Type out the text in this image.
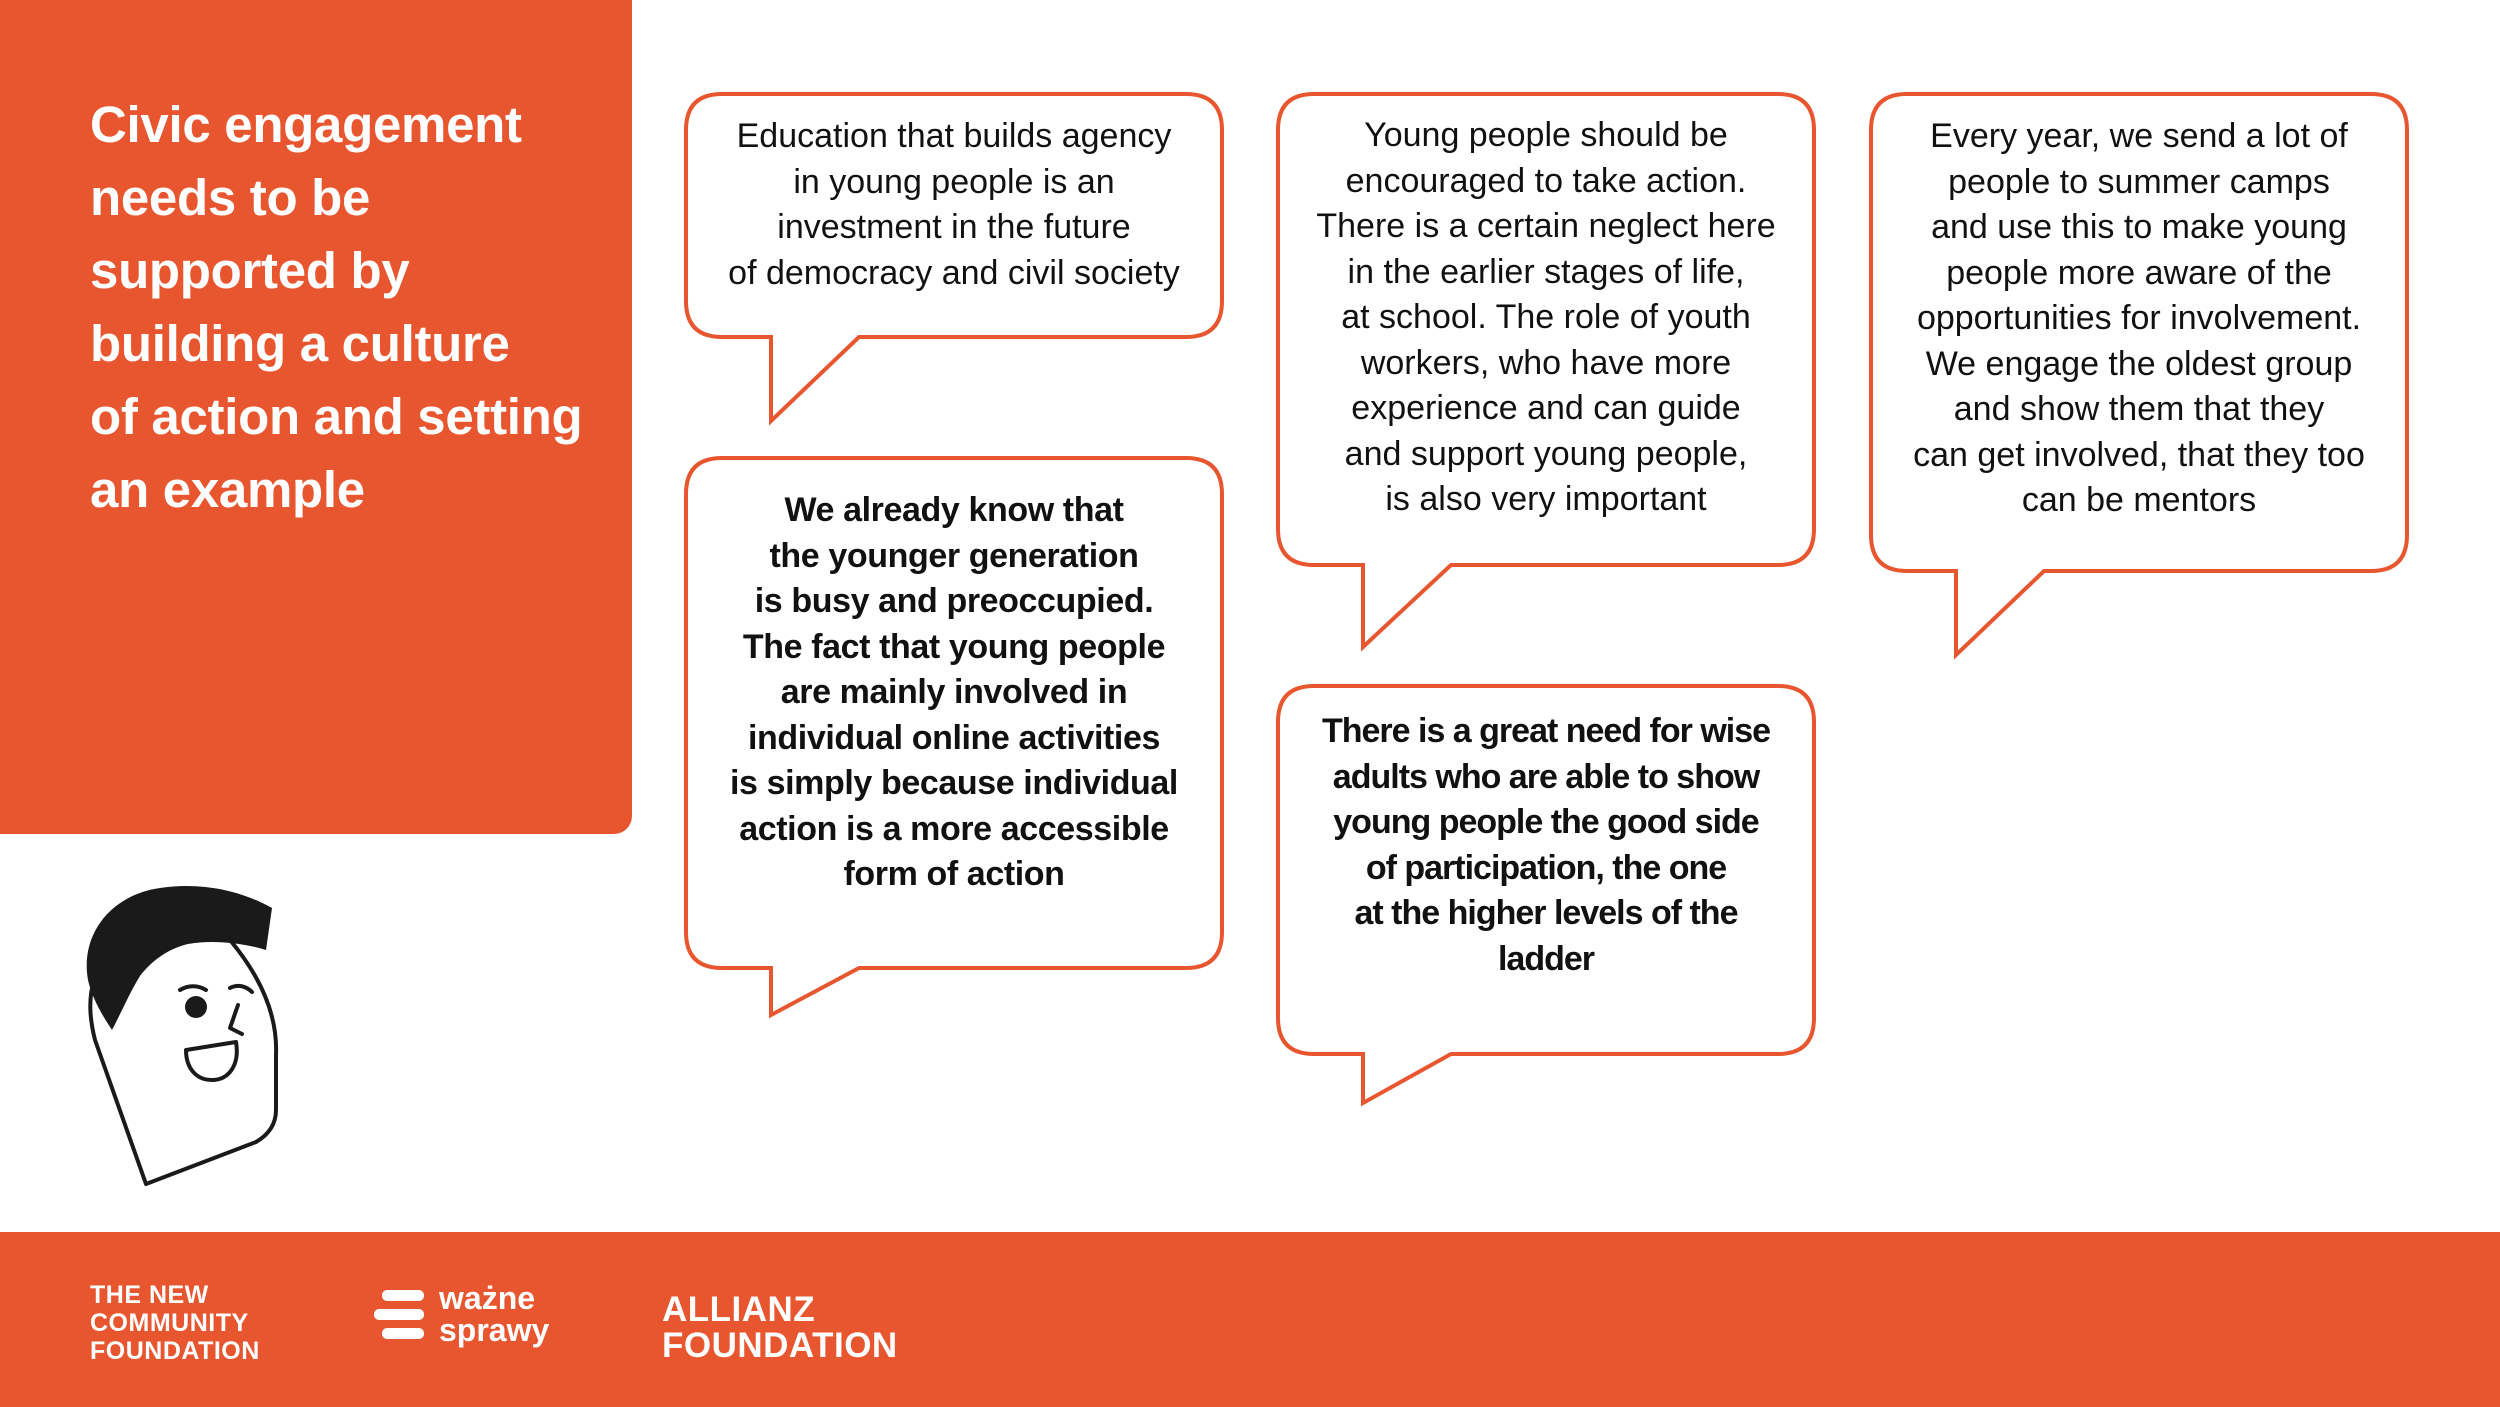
Civic engagement
needs to be
supported by
building a culture
of action and setting
an example

Education that builds agency
in young people is an
investment in the future
of democracy and civil society

We already know that
the younger generation
is busy and preoccupied.
The fact that young people
are mainly involved in
individual online activities
is simply because individual
action is a more accessible
form of action

Young people should be
encouraged to take action.
There is a certain neglect here
in the earlier stages of life,
at school. The role of youth
workers, who have more
experience and can guide
and support young people,
is also very important

There is a great need for wise
adults who are able to show
young people the good side
of participation, the one
at the higher levels of the
ladder

Every year, we send a lot of
people to summer camps
and use this to make young
people more aware of the
opportunities for involvement.
We engage the oldest group
and show them that they
can get involved, that they too
can be mentors

THE NEW
COMMUNITY
FOUNDATION
ważne
sprawy
ALLIANZ
FOUNDATION
